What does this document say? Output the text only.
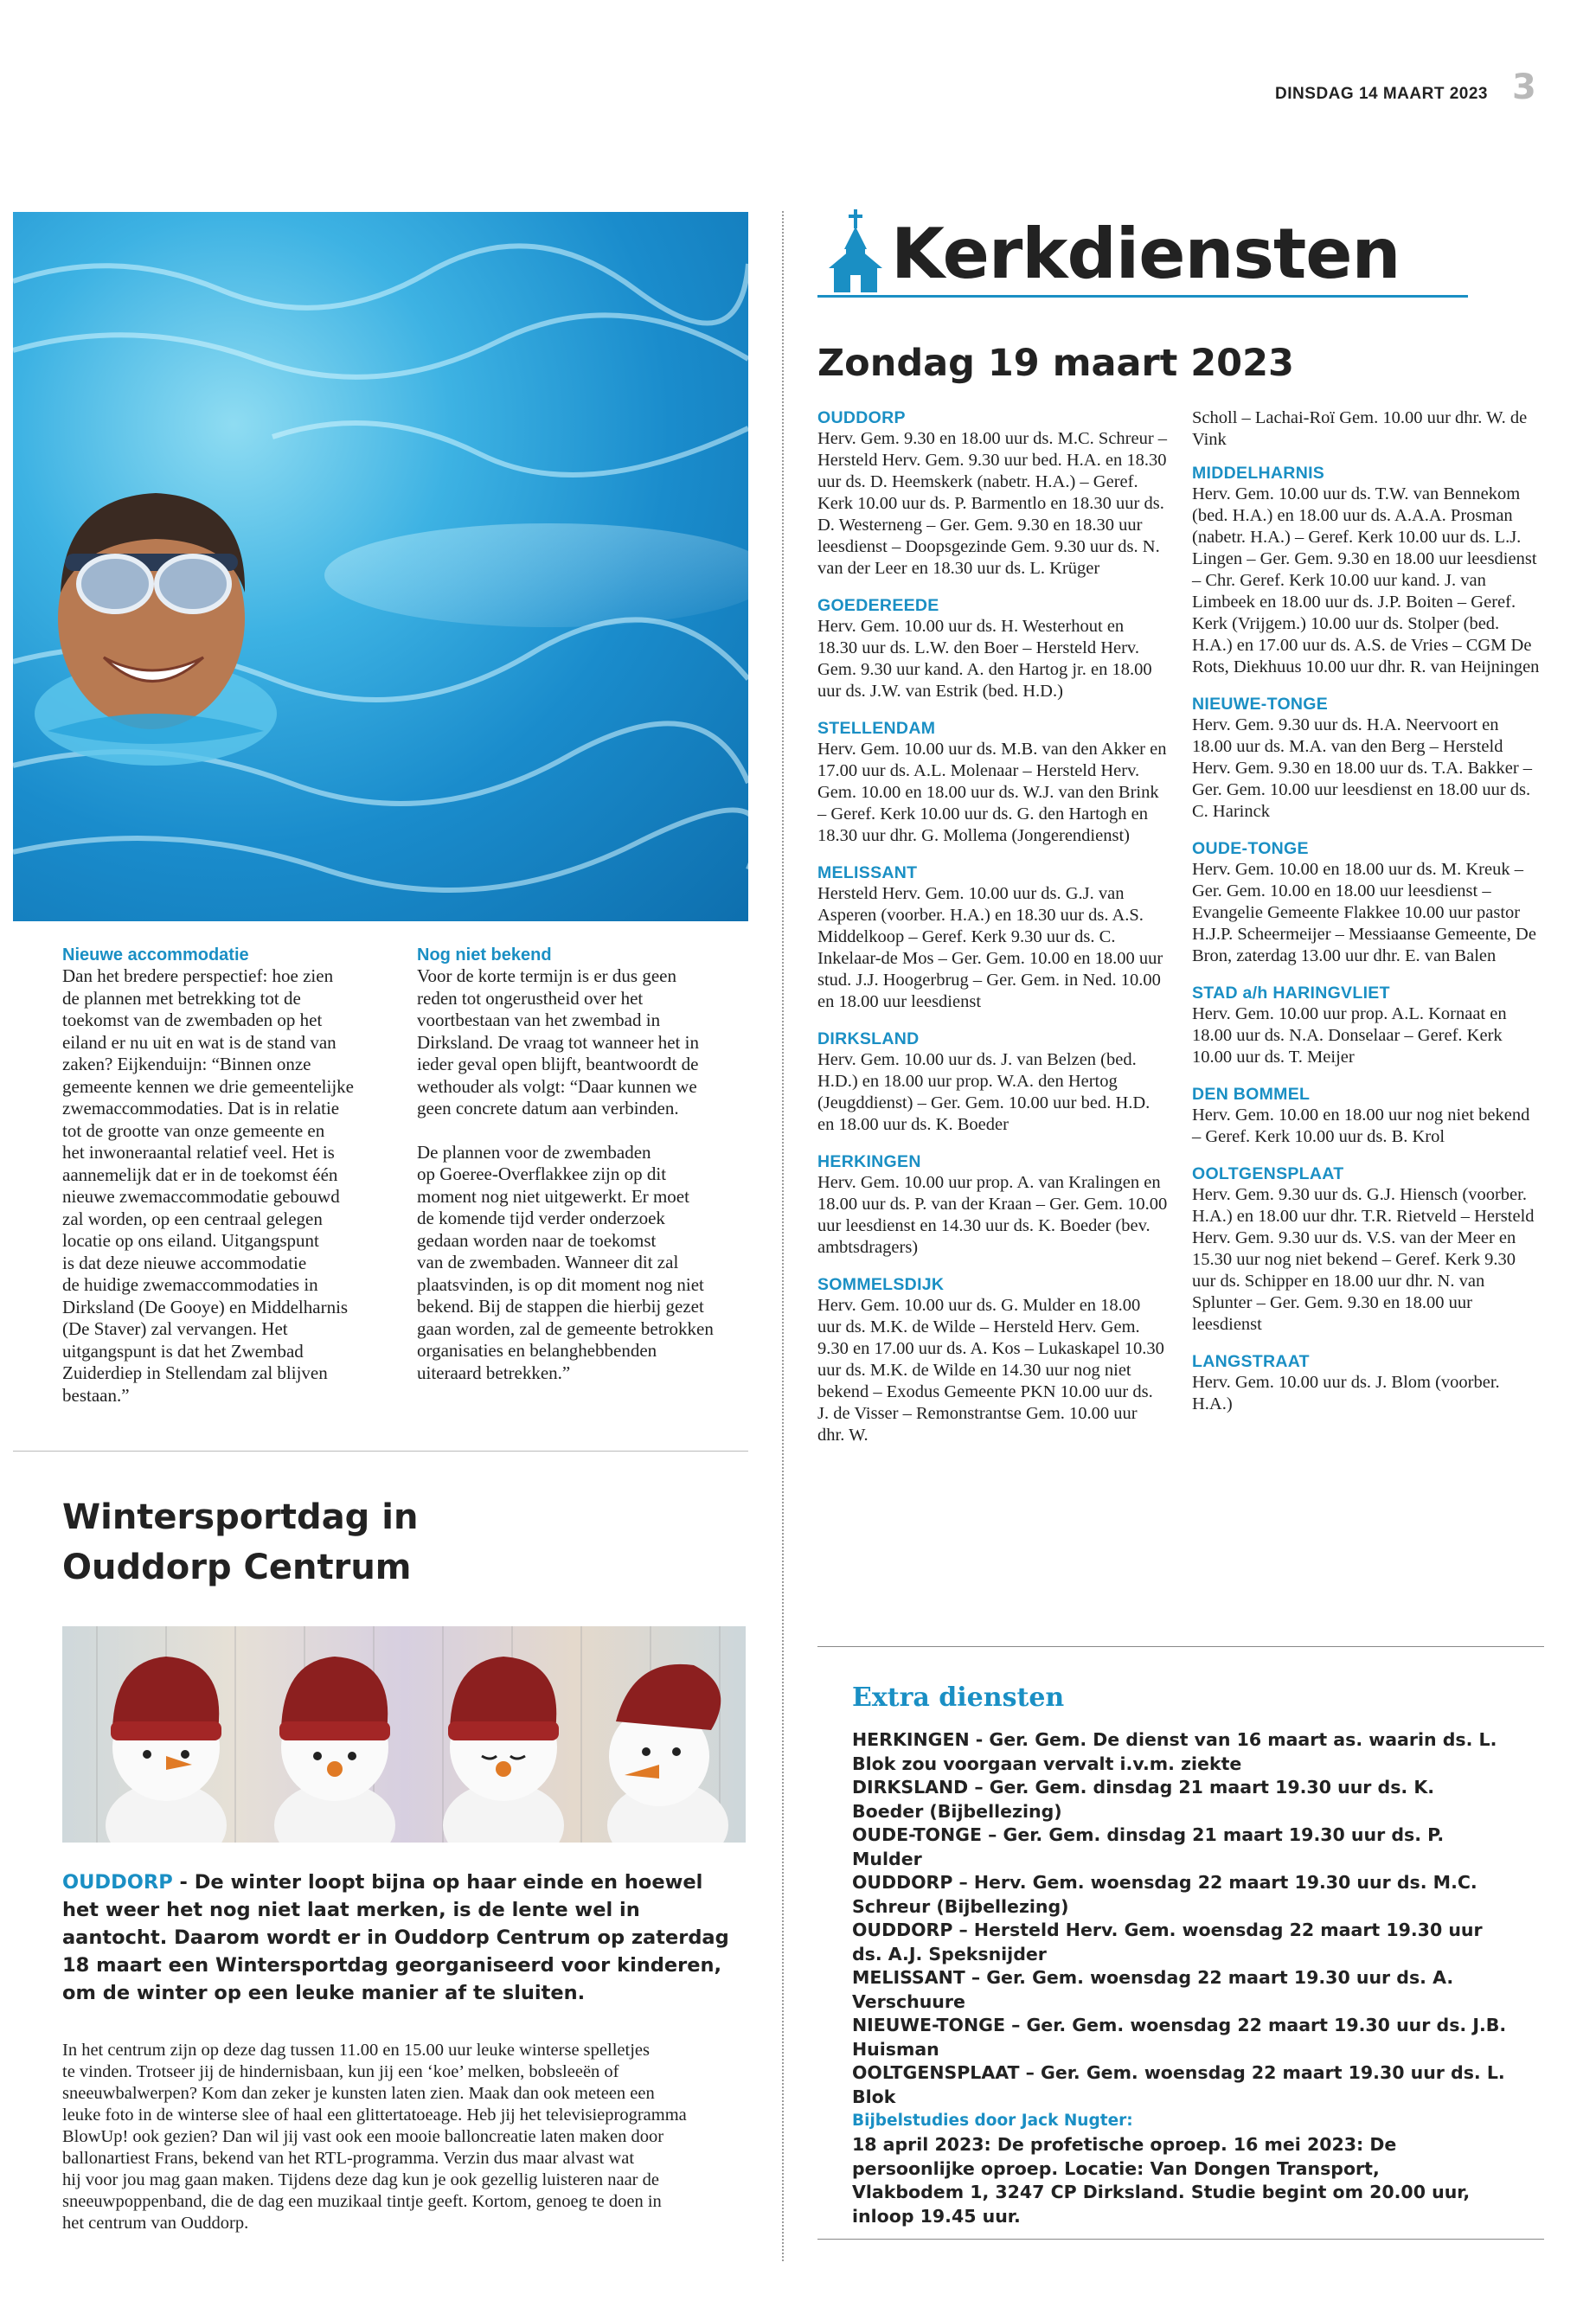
DINSDAG 14 MAART 2023 3
Nieuwe accommodatie
Dan het bredere perspectief: hoe zien
de plannen met betrekking tot de
toekomst van de zwembaden op het
eiland er nu uit en wat is de stand van
zaken? Eijkenduijn: “Binnen onze
gemeente kennen we drie gemeentelijke
zwemaccommodaties. Dat is in relatie
tot de grootte van onze gemeente en
het inwoneraantal relatief veel. Het is
aannemelijk dat er in de toekomst één
nieuwe zwemaccommodatie gebouwd
zal worden, op een centraal gelegen
locatie op ons eiland. Uitgangspunt
is dat deze nieuwe accommodatie
de huidige zwemaccommodaties in
Dirksland (De Gooye) en Middelharnis
(De Staver) zal vervangen. Het
uitgangspunt is dat het Zwembad
Zuiderdiep in Stellendam zal blijven
bestaan.”
Nog niet bekend
Voor de korte termijn is er dus geen
reden tot ongerustheid over het
voortbestaan van het zwembad in
Dirksland. De vraag tot wanneer het in
ieder geval open blijft, beantwoordt de
wethouder als volgt: “Daar kunnen we
geen concrete datum aan verbinden.
De plannen voor de zwembaden
op Goeree-Overflakkee zijn op dit
moment nog niet uitgewerkt. Er moet
de komende tijd verder onderzoek
gedaan worden naar de toekomst
van de zwembaden. Wanneer dit zal
plaatsvinden, is op dit moment nog niet
bekend. Bij de stappen die hierbij gezet
gaan worden, zal de gemeente betrokken
organisaties en belanghebbenden
uiteraard betrekken.”
Wintersportdag in
Ouddorp Centrum
OUDDORP - De winter loopt bijna op haar einde en hoewel het weer het nog niet laat merken, is de lente wel in aantocht. Daarom wordt er in Ouddorp Centrum op zaterdag 18 maart een Wintersportdag georganiseerd voor kinderen, om de winter op een leuke manier af te sluiten.
In het centrum zijn op deze dag tussen 11.00 en 15.00 uur leuke winterse spelletjes
te vinden. Trotseer jij de hindernisbaan, kun jij een ‘koe’ melken, bobsleeën of
sneeuwbalwerpen? Kom dan zeker je kunsten laten zien. Maak dan ook meteen een
leuke foto in de winterse slee of haal een glittertatoeage. Heb jij het televisieprogramma
BlowUp! ook gezien? Dan wil jij vast ook een mooie balloncreatie laten maken door
ballonartiest Frans, bekend van het RTL-programma. Verzin dus maar alvast wat
hij voor jou mag gaan maken. Tijdens deze dag kun je ook gezellig luisteren naar de
sneeuwpoppenband, die de dag een muzikaal tintje geeft. Kortom, genoeg te doen in
het centrum van Ouddorp.
Kerkdiensten
Zondag 19 maart 2023
OUDDORP
Herv. Gem. 9.30 en 18.00 uur ds. M.C. Schreur – Hersteld Herv. Gem. 9.30 uur bed. H.A. en 18.30 uur ds. D. Heemskerk (nabetr. H.A.) – Geref. Kerk 10.00 uur ds. P. Barmentlo en 18.30 uur ds. D. Westerneng – Ger. Gem. 9.30 en 18.30 uur leesdienst – Doopsgezinde Gem. 9.30 uur ds. N. van der Leer en 18.30 uur ds. L. Krüger
GOEDEREEDE
Herv. Gem. 10.00 uur ds. H. Westerhout en 18.30 uur ds. L.W. den Boer – Hersteld Herv. Gem. 9.30 uur kand. A. den Hartog jr. en 18.00 uur ds. J.W. van Estrik (bed. H.D.)
STELLENDAM
Herv. Gem. 10.00 uur ds. M.B. van den Akker en 17.00 uur ds. A.L. Molenaar – Hersteld Herv. Gem. 10.00 en 18.00 uur ds. W.J. van den Brink – Geref. Kerk 10.00 uur ds. G. den Hartogh en 18.30 uur dhr. G. Mollema (Jongerendienst)
MELISSANT
Hersteld Herv. Gem. 10.00 uur ds. G.J. van Asperen (voorber. H.A.) en 18.30 uur ds. A.S. Middelkoop – Geref. Kerk 9.30 uur ds. C. Inkelaar-de Mos – Ger. Gem. 10.00 en 18.00 uur stud. J.J. Hoogerbrug – Ger. Gem. in Ned. 10.00 en 18.00 uur leesdienst
DIRKSLAND
Herv. Gem. 10.00 uur ds. J. van Belzen (bed. H.D.) en 18.00 uur prop. W.A. den Hertog (Jeugddienst) – Ger. Gem. 10.00 uur bed. H.D. en 18.00 uur ds. K. Boeder
HERKINGEN
Herv. Gem. 10.00 uur prop. A. van Kralingen en 18.00 uur ds. P. van der Kraan – Ger. Gem. 10.00 uur leesdienst en 14.30 uur ds. K. Boeder (bev. ambtsdragers)
SOMMELSDIJK
Herv. Gem. 10.00 uur ds. G. Mulder en 18.00 uur ds. M.K. de Wilde – Hersteld Herv. Gem. 9.30 en 17.00 uur ds. A. Kos – Lukaskapel 10.30 uur ds. M.K. de Wilde en 14.30 uur nog niet bekend – Exodus Gemeente PKN 10.00 uur ds. J. de Visser – Remonstrantse Gem. 10.00 uur dhr. W.
Scholl – Lachai-Roï Gem. 10.00 uur dhr. W. de Vink
MIDDELHARNIS
Herv. Gem. 10.00 uur ds. T.W. van Bennekom (bed. H.A.) en 18.00 uur ds. A.A.A. Prosman (nabetr. H.A.) – Geref. Kerk 10.00 uur ds. L.J. Lingen – Ger. Gem. 9.30 en 18.00 uur leesdienst – Chr. Geref. Kerk 10.00 uur kand. J. van Limbeek en 18.00 uur ds. J.P. Boiten – Geref. Kerk (Vrijgem.) 10.00 uur ds. Stolper (bed. H.A.) en 17.00 uur ds. A.S. de Vries – CGM De Rots, Diekhuus 10.00 uur dhr. R. van Heijningen
NIEUWE-TONGE
Herv. Gem. 9.30 uur ds. H.A. Neervoort en 18.00 uur ds. M.A. van den Berg – Hersteld Herv. Gem. 9.30 en 18.00 uur ds. T.A. Bakker – Ger. Gem. 10.00 uur leesdienst en 18.00 uur ds. C. Harinck
OUDE-TONGE
Herv. Gem. 10.00 en 18.00 uur ds. M. Kreuk – Ger. Gem. 10.00 en 18.00 uur leesdienst – Evangelie Gemeente Flakkee 10.00 uur pastor H.J.P. Scheermeijer – Messiaanse Gemeente, De Bron, zaterdag 13.00 uur dhr. E. van Balen
STAD a/h HARINGVLIET
Herv. Gem. 10.00 uur prop. A.L. Kornaat en 18.00 uur ds. N.A. Donselaar – Geref. Kerk 10.00 uur ds. T. Meijer
DEN BOMMEL
Herv. Gem. 10.00 en 18.00 uur nog niet bekend – Geref. Kerk 10.00 uur ds. B. Krol
OOLTGENSPLAAT
Herv. Gem. 9.30 uur ds. G.J. Hiensch (voorber. H.A.) en 18.00 uur dhr. T.R. Rietveld – Hersteld Herv. Gem. 9.30 uur ds. V.S. van der Meer en 15.30 uur nog niet bekend – Geref. Kerk 9.30 uur ds. Schipper en 18.00 uur dhr. N. van Splunter – Ger. Gem. 9.30 en 18.00 uur leesdienst
LANGSTRAAT
Herv. Gem. 10.00 uur ds. J. Blom (voorber. H.A.)
Extra diensten
HERKINGEN - Ger. Gem. De dienst van 16 maart as. waarin ds. L. Blok zou voorgaan vervalt i.v.m. ziekte
DIRKSLAND – Ger. Gem. dinsdag 21 maart 19.30 uur ds. K. Boeder (Bijbellezing)
OUDE-TONGE – Ger. Gem. dinsdag 21 maart 19.30 uur ds. P. Mulder
OUDDORP – Herv. Gem. woensdag 22 maart 19.30 uur ds. M.C. Schreur (Bijbellezing)
OUDDORP – Hersteld Herv. Gem. woensdag 22 maart 19.30 uur ds. A.J. Speksnijder
MELISSANT – Ger. Gem. woensdag 22 maart 19.30 uur ds. A. Verschuure
NIEUWE-TONGE – Ger. Gem. woensdag 22 maart 19.30 uur ds. J.B. Huisman
OOLTGENSPLAAT – Ger. Gem. woensdag 22 maart 19.30 uur ds. L. Blok
Bijbelstudies door Jack Nugter:
18 april 2023: De profetische oproep. 16 mei 2023: De persoonlijke oproep. Locatie: Van Dongen Transport, Vlakbodem 1, 3247 CP Dirksland. Studie begint om 20.00 uur, inloop 19.45 uur.
